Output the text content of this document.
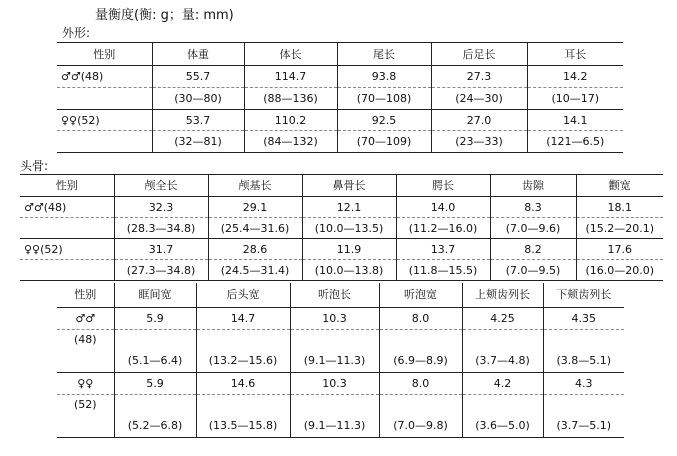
量衡度(衡: g；量: mm)
外形:
头骨:
性别	体重	体长	尾长	后足长	耳长
♂♂(48)	55.7	114.7	93.8	27.3	14.2
	(30—80)	(88—136)	(70—108)	(24—30)	(10—17)
♀♀(52)	53.7	110.2	92.5	27.0	14.1
	(32—81)	(84—132)	(70—109)	(23—33)	(121—6.5)
性别	颅全长	颅基长	鼻骨长	腭长	齿隙	颧宽
♂♂(48)	32.3	29.1	12.1	14.0	8.3	18.1
	(28.3—34.8)	(25.4—31.6)	(10.0—13.5)	(11.2—16.0)	(7.0—9.6)	(15.2—20.1)
♀♀(52)	31.7	28.6	11.9	13.7	8.2	17.6
	(27.3—34.8)	(24.5—31.4)	(10.0—13.8)	(11.8—15.5)	(7.0—9.5)	(16.0—20.0)
性别	眶间宽	后头宽	听泡长	听泡宽	上颊齿列长	下颊齿列长
♂♂	5.9	14.7	10.3	8.0	4.25	4.35
(48)						
	(5.1—6.4)	(13.2—15.6)	(9.1—11.3)	(6.9—8.9)	(3.7—4.8)	(3.8—5.1)
♀♀	5.9	14.6	10.3	8.0	4.2	4.3
(52)						
	(5.2—6.8)	(13.5—15.8)	(9.1—11.3)	(7.0—9.8)	(3.6—5.0)	(3.7—5.1)
